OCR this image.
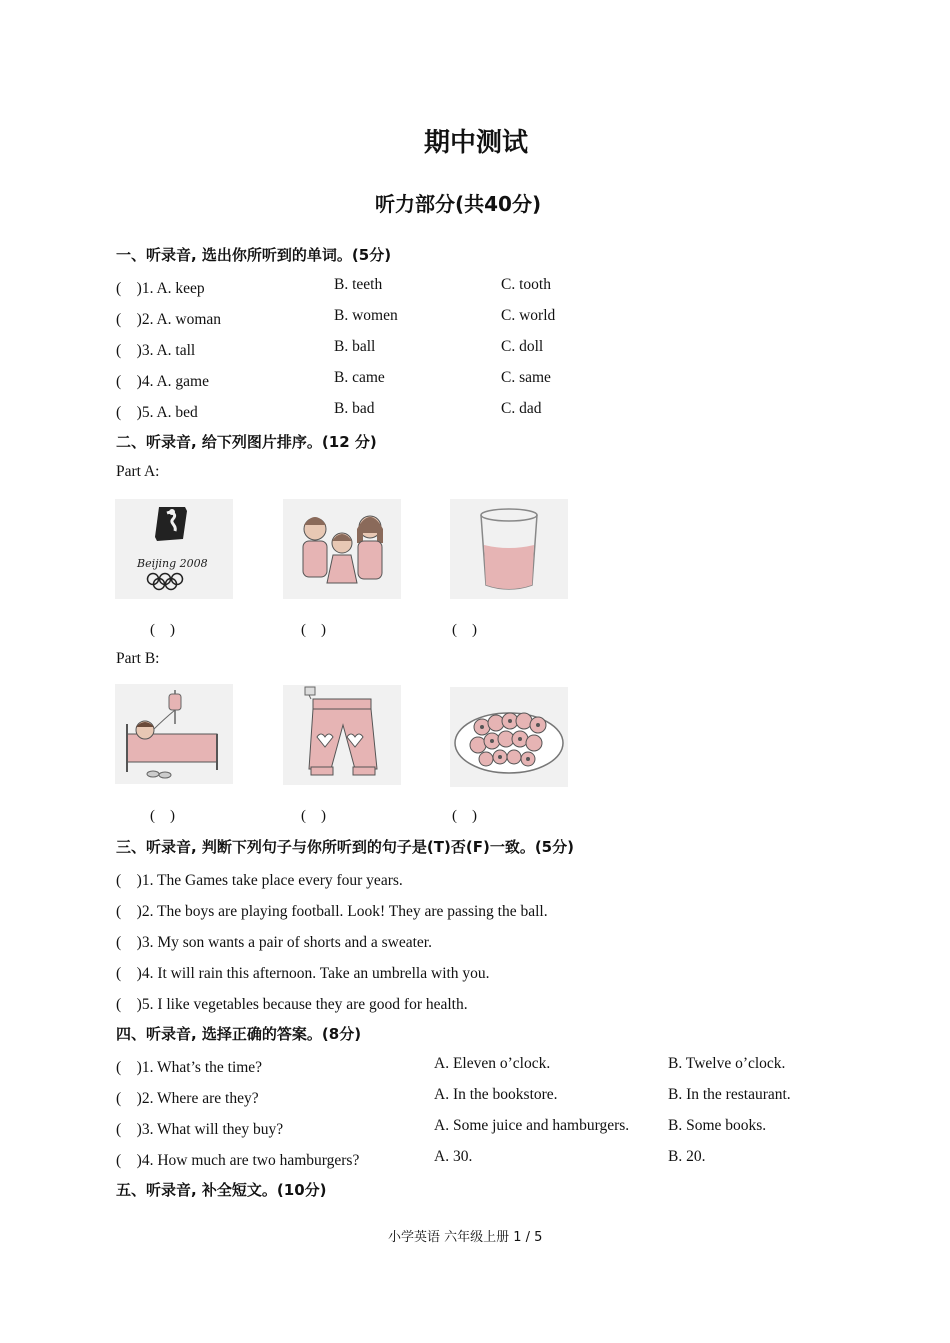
期中测试
听力部分(共40分)
一、听录音, 选出你所听到的单词。(5分)
(　)1. A. keep	B. teeth	C. tooth
(　)2. A. woman	B. women	C. world
(　)3. A. tall	B. ball	C. doll
(　)4. A. game	B. came	C. same
(　)5. A. bed	B. bad	C. dad
二、听录音, 给下列图片排序。(12 分)
Part A:
Beijing 2008
(　)	(　)	(　)
Part B:
(　)	(　)	(　)
三、听录音, 判断下列句子与你所听到的句子是(T)否(F)一致。(5分)
(　)1. The Games take place every four years.
(　)2. The boys are playing football. Look! They are passing the ball.
(　)3. My son wants a pair of shorts and a sweater.
(　)4. It will rain this afternoon. Take an umbrella with you.
(　)5. I like vegetables because they are good for health.
四、听录音, 选择正确的答案。(8分)
(　)1. What’s the time?	A. Eleven o’clock.	B. Twelve o’clock.
(　)2. Where are they?	A. In the bookstore.	B. In the restaurant.
(　)3. What will they buy?	A. Some juice and hamburgers.	B. Some books.
(　)4. How much are two hamburgers?	A. 30.	B. 20.
五、听录音, 补全短文。(10分)
小学英语 六年级上册 1 / 5
